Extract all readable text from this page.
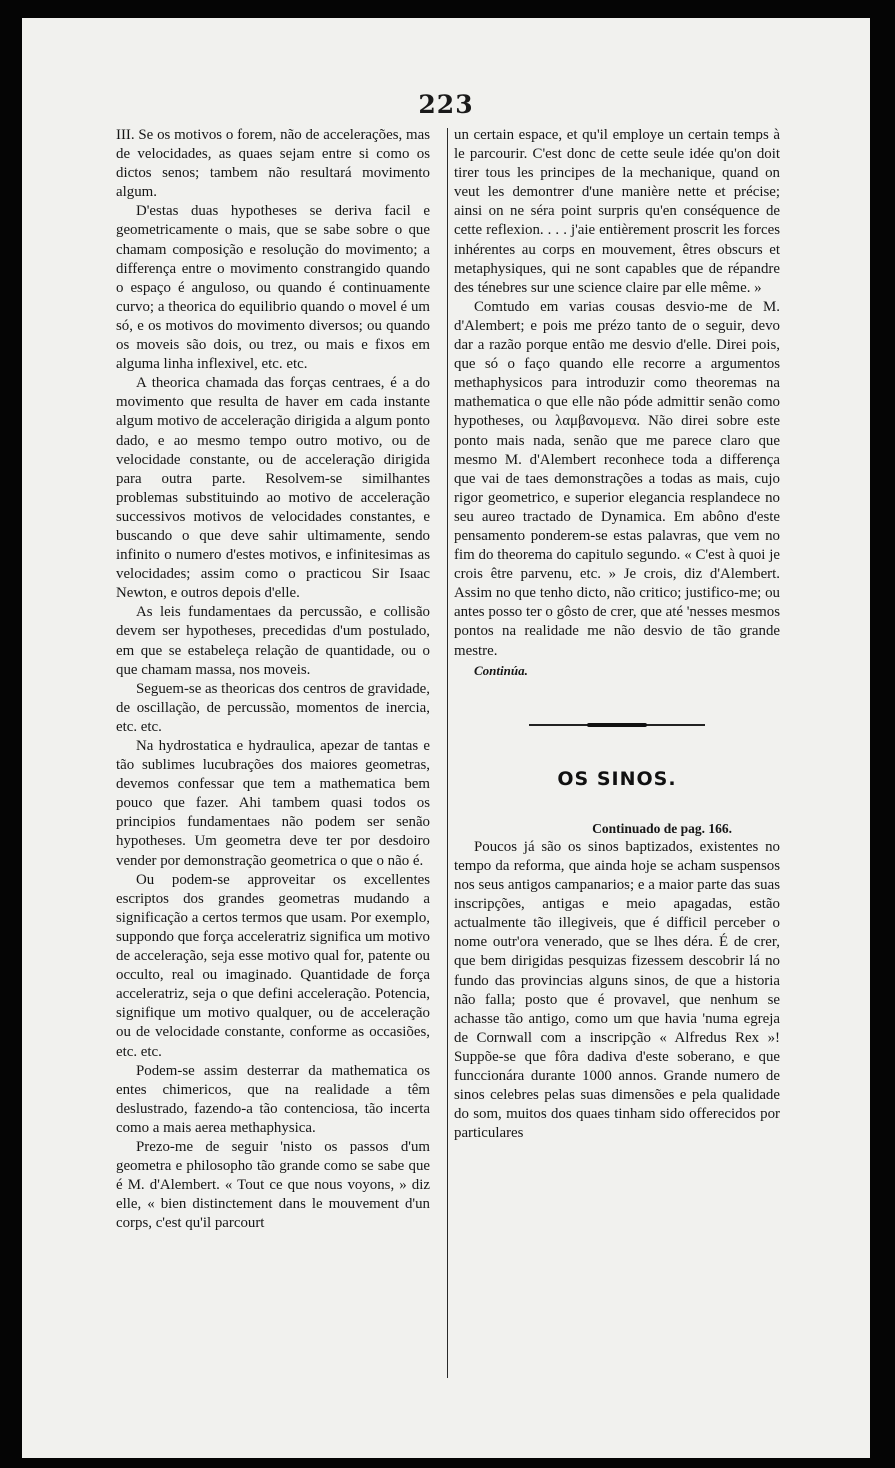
223

III. Se os motivos o forem, não de accelerações, mas de velocidades, as quaes sejam entre si como os dictos senos; tambem não resultará movimento algum.

D'estas duas hypotheses se deriva facil e geometricamente o mais, que se sabe sobre o que chamam composição e resolução do movimento; a differença entre o movimento constrangido quando o espaço é anguloso, ou quando é continuamente curvo; a theorica do equilibrio quando o movel é um só, e os motivos do movimento diversos; ou quando os moveis são dois, ou trez, ou mais e fixos em alguma linha inflexivel, etc. etc.

A theorica chamada das forças centraes, é a do movimento que resulta de haver em cada instante algum motivo de acceleração dirigida a algum ponto dado, e ao mesmo tempo outro motivo, ou de velocidade constante, ou de acceleração dirigida para outra parte. Resolvem-se similhantes problemas substituindo ao motivo de acceleração successivos motivos de velocidades constantes, e buscando o que deve sahir ultimamente, sendo infinito o numero d'estes motivos, e infinitesimas as velocidades; assim como o practicou Sir Isaac Newton, e outros depois d'elle.

As leis fundamentaes da percussão, e collisão devem ser hypotheses, precedidas d'um postulado, em que se estabeleça relação de quantidade, ou o que chamam massa, nos moveis.

Seguem-se as theoricas dos centros de gravidade, de oscillação, de percussão, momentos de inercia, etc. etc.

Na hydrostatica e hydraulica, apezar de tantas e tão sublimes lucubrações dos maiores geometras, devemos confessar que tem a mathematica bem pouco que fazer. Ahi tambem quasi todos os principios fundamentaes não podem ser senão hypotheses. Um geometra deve ter por desdoiro vender por demonstração geometrica o que o não é.

Ou podem-se approveitar os excellentes escriptos dos grandes geometras mudando a significação a certos termos que usam. Por exemplo, suppondo que força acceleratriz significa um motivo de acceleração, seja esse motivo qual for, patente ou occulto, real ou imaginado. Quantidade de força acceleratriz, seja o que defini acceleração. Potencia, signifique um motivo qualquer, ou de acceleração ou de velocidade constante, conforme as occasiões, etc. etc.

Podem-se assim desterrar da mathematica os entes chimericos, que na realidade a têm deslustrado, fazendo-a tão contenciosa, tão incerta como a mais aerea methaphysica.

Prezo-me de seguir 'nisto os passos d'um geometra e philosopho tão grande como se sabe que é M. d'Alembert. « Tout ce que nous voyons, » diz elle, « bien distinctement dans le mouvement d'un corps, c'est qu'il parcourt

un certain espace, et qu'il employe un certain temps à le parcourir. C'est donc de cette seule idée qu'on doit tirer tous les principes de la mechanique, quand on veut les demontrer d'une manière nette et précise; ainsi on ne séra point surpris qu'en conséquence de cette reflexion. . . . j'aie entièrement proscrit les forces inhérentes au corps en mouvement, êtres obscurs et metaphysiques, qui ne sont capables que de répandre des ténebres sur une science claire par elle même. »

Comtudo em varias cousas desvio-me de M. d'Alembert; e pois me prézo tanto de o seguir, devo dar a razão porque então me desvio d'elle. Direi pois, que só o faço quando elle recorre a argumentos methaphysicos para introduzir como theoremas na mathematica o que elle não póde admittir senão como hypotheses, ou λαμβανομενα. Não direi sobre este ponto mais nada, senão que me parece claro que mesmo M. d'Alembert reconhece toda a differença que vai de taes demonstrações a todas as mais, cujo rigor geometrico, e superior elegancia resplandece no seu aureo tractado de Dynamica. Em abôno d'este pensamento ponderem-se estas palavras, que vem no fim do theorema do capitulo segundo. « C'est à quoi je crois être parvenu, etc. » Je crois, diz d'Alembert. Assim no que tenho dicto, não critico; justifico-me; ou antes posso ter o gôsto de crer, que até 'nesses mesmos pontos na realidade me não desvio de tão grande mestre.

Continúa.

OS SINOS.
Continuado de pag. 166.

Poucos já são os sinos baptizados, existentes no tempo da reforma, que ainda hoje se acham suspensos nos seus antigos campanarios; e a maior parte das suas inscripções, antigas e meio apagadas, estão actualmente tão illegiveis, que é difficil perceber o nome outr'ora venerado, que se lhes déra. É de crer, que bem dirigidas pesquizas fizessem descobrir lá no fundo das provincias alguns sinos, de que a historia não falla; posto que é provavel, que nenhum se achasse tão antigo, como um que havia 'numa egreja de Cornwall com a inscripção « Alfredus Rex »! Suppõe-se que fôra dadiva d'este soberano, e que funccionára durante 1000 annos. Grande numero de sinos celebres pelas suas dimensões e pela qualidade do som, muitos dos quaes tinham sido offerecidos por particulares
